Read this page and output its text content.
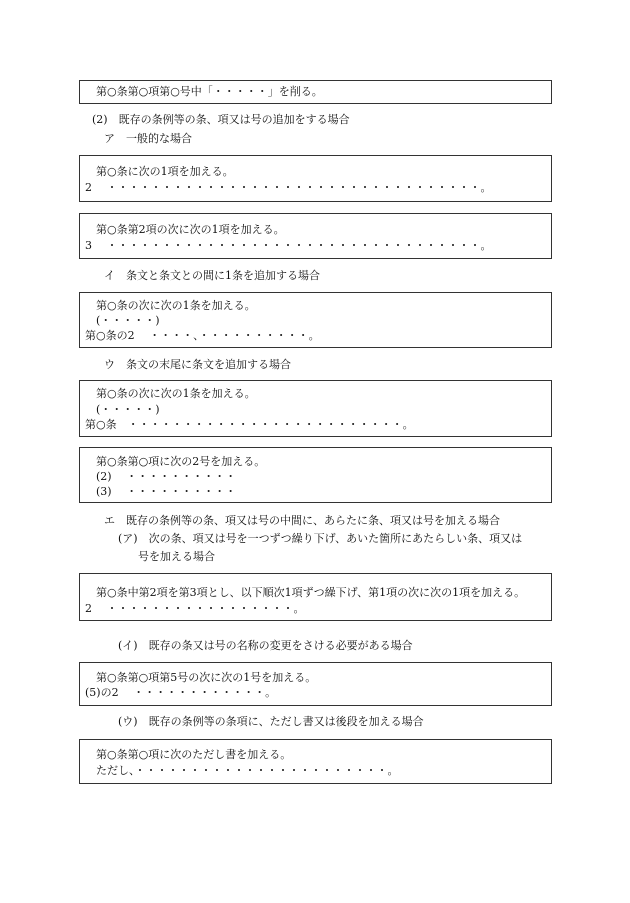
第○条第○項第○号中「・・・・・」を削る。
(2)　既存の条例等の条、項又は号の追加をする場合
ア　一般的な場合
第○条に次の1項を加える。
2　 ・・・・・・・・・・・・・・・・・・・・・・・・・・・・・・・・・・。
第○条第2項の次に次の1項を加える。
3　 ・・・・・・・・・・・・・・・・・・・・・・・・・・・・・・・・・・。
イ　条文と条文との間に1条を追加する場合
第○条の次に次の1条を加える。
(・・・・・)
第○条の2　 ・・・・、・・・・・・・・・・。
ウ　条文の末尾に条文を追加する場合
第○条の次に次の1条を加える。
(・・・・・)
第○条　・・・・・・・・・・・・・・・・・・・・・・・・・。
第○条第○項に次の2号を加える。
(2)　 ・・・・・・・・・・
(3)　 ・・・・・・・・・・
エ　既存の条例等の条、項又は号の中間に、あらたに条、項又は号を加える場合
(ア)　次の条、項又は号を一つずつ繰り下げ、あいた箇所にあたらしい条、項又は
号を加える場合
第○条中第2項を第3項とし、以下順次1項ずつ繰下げ、第1項の次に次の1項を加える。
2　 ・・・・・・・・・・・・・・・・・。
(イ)　既存の条又は号の名称の変更をさける必要がある場合
第○条第○項第5号の次に次の1号を加える。
(5)の2　 ・・・・・・・・・・・・。
(ウ)　既存の条例等の条項に、ただし書又は後段を加える場合
第○条第○項に次のただし書を加える。
ただし、・・・・・・・・・・・・・・・・・・・・・・・。
